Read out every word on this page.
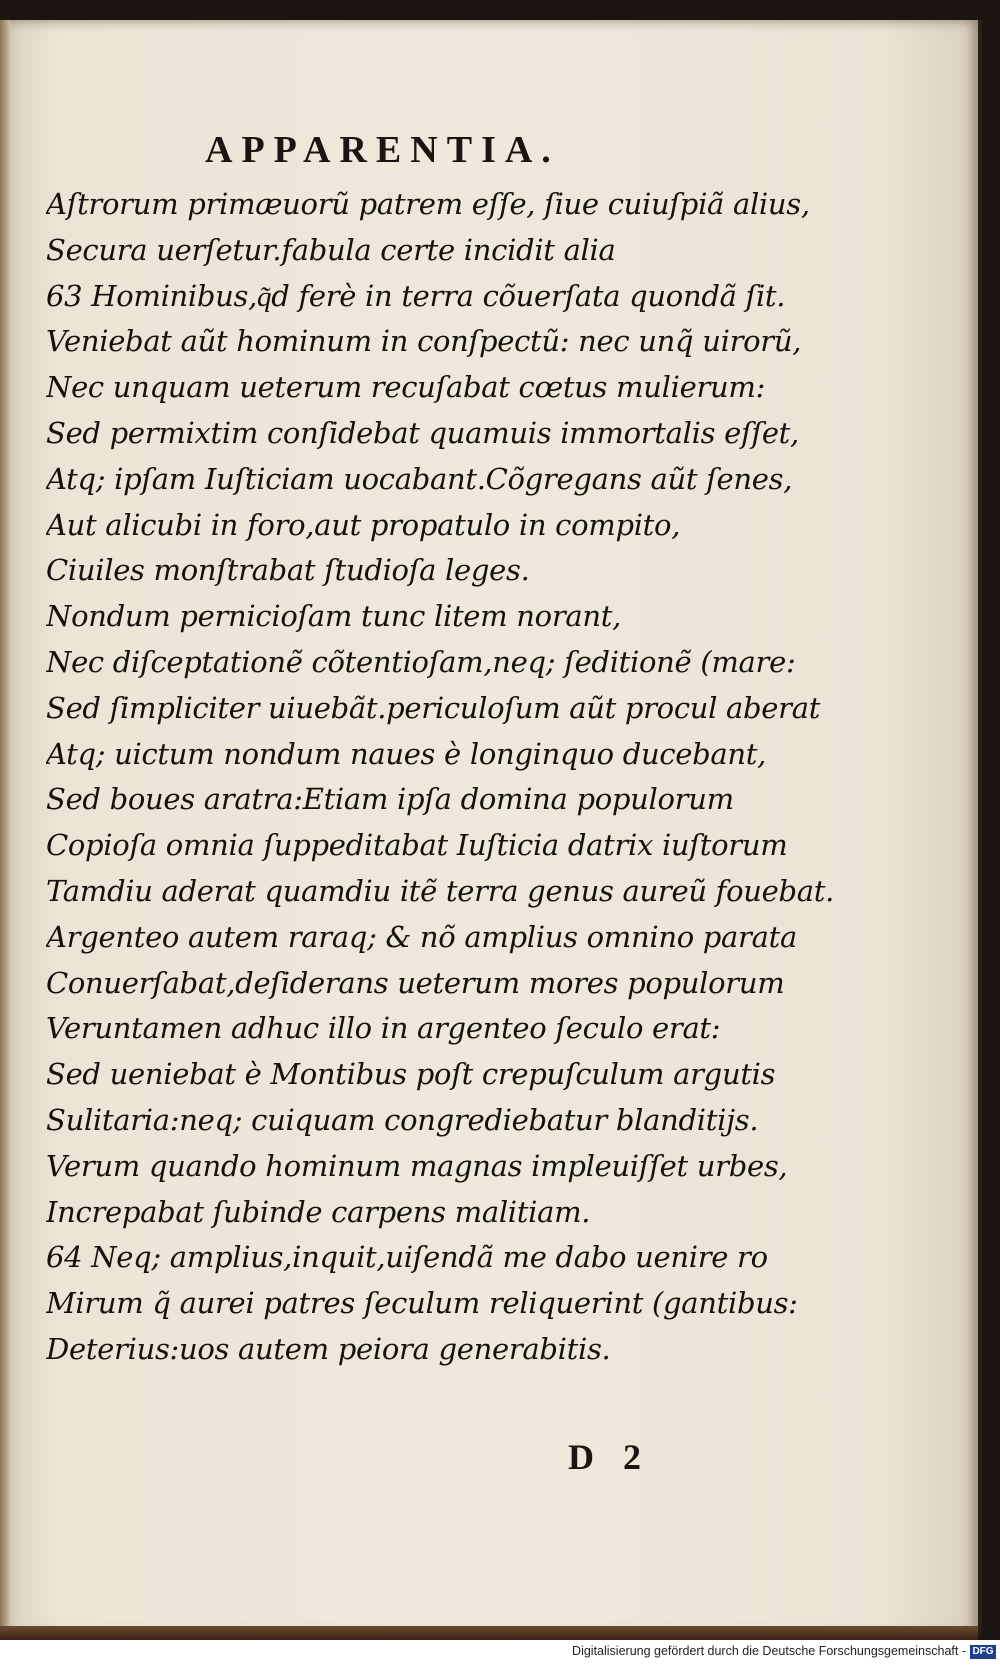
APPARENTIA.
Aſtrorum primæuorũ patrem eſſe, ſiue cuiuſpiã alius,
Secura uerſetur.fabula certe incidit alia
63 Hominibus,q͂d ferè in terra cõuerſata quondã ſit.
Veniebat aũt hominum in conſpectũ: nec unq̃ uirorũ,
Nec unquam ueterum recuſabat cœtus mulierum:
Sed permixtim conſidebat quamuis immortalis eſſet,
Atq; ipſam Iuſticiam uocabant.Cõgregans aũt ſenes,
Aut alicubi in foro,aut propatulo in compito,
Ciuiles monſtrabat ſtudioſa leges.
Nondum pernicioſam tunc litem norant,
Nec diſceptationẽ cõtentioſam,neq; ſeditionẽ (mare:
Sed ſimpliciter uiuebãt.periculoſum aũt procul aberat
Atq; uictum nondum naues è longinquo ducebant,
Sed boues aratra:Etiam ipſa domina populorum
Copioſa omnia ſuppeditabat Iuſticia datrix iuſtorum
Tamdiu aderat quamdiu itẽ terra genus aureũ fouebat.
Argenteo autem raraq; & nõ amplius omnino parata
Conuerſabat,deſiderans ueterum mores populorum
Veruntamen adhuc illo in argenteo ſeculo erat:
Sed ueniebat è Montibus poſt crepuſculum argutis
Sulitaria:neq; cuiquam congrediebatur blanditijs.
Verum quando hominum magnas impleuiſſet urbes,
Increpabat ſubinde carpens malitiam.
64 Neq; amplius,inquit,uiſendã me dabo uenire ro
Mirum q̃ aurei patres ſeculum reliquerint (gantibus:
Deterius:uos autem peiora generabitis.
D 2
Digitalisierung gefördert durch die Deutsche Forschungsgemeinschaft - DFG
